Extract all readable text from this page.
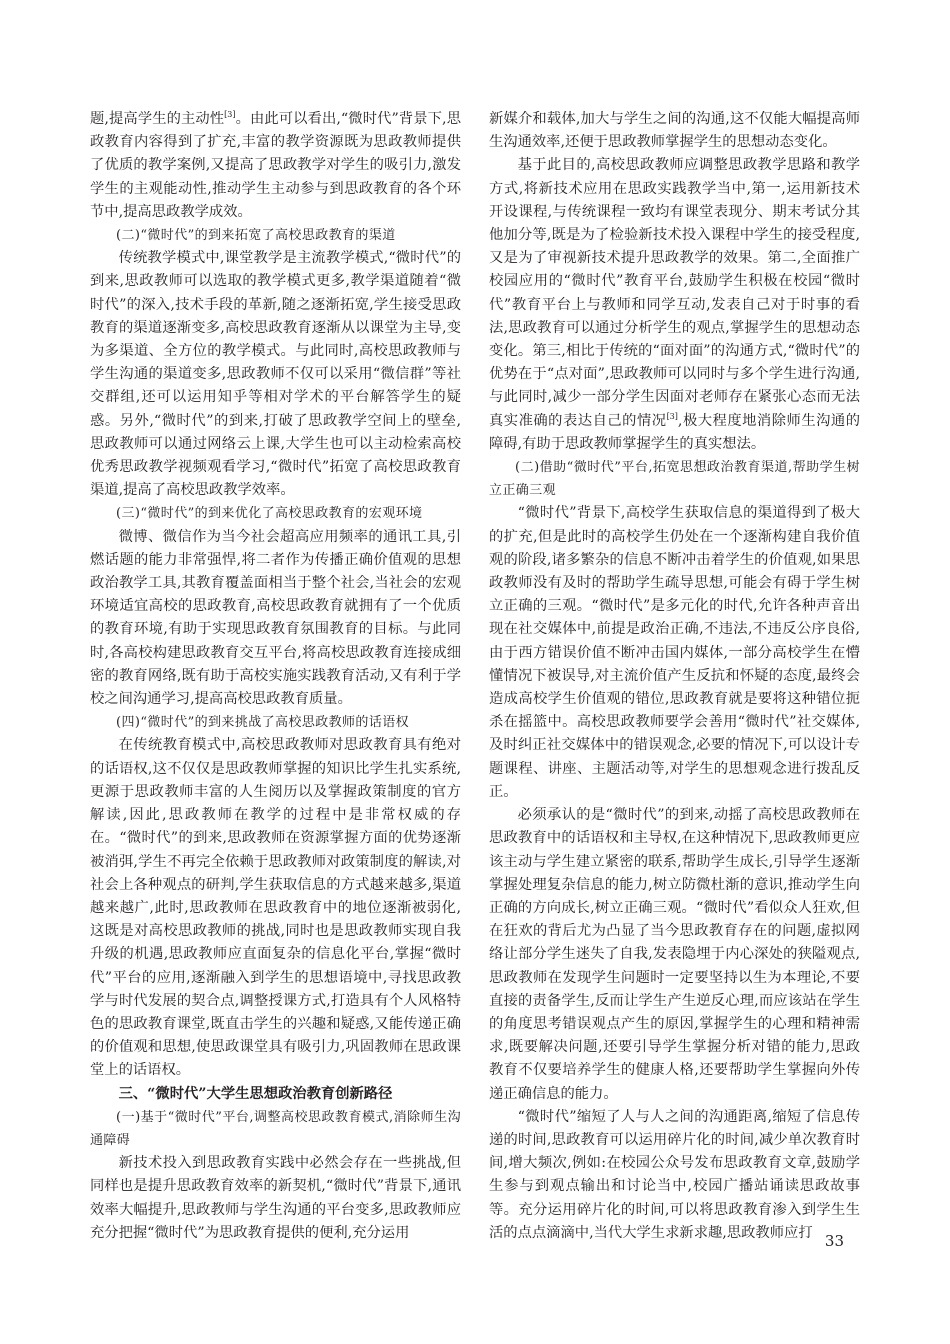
题,提高学生的主动性[3]。由此可以看出,“微时代”背景下,思政教育内容得到了扩充,丰富的教学资源既为思政教师提供了优质的教学案例,又提高了思政教学对学生的吸引力,激发学生的主观能动性,推动学生主动参与到思政教育的各个环节中,提高思政教学成效。

(二)“微时代”的到来拓宽了高校思政教育的渠道

传统教学模式中,课堂教学是主流教学模式,“微时代”的到来,思政教师可以选取的教学模式更多,教学渠道随着“微时代”的深入,技术手段的革新,随之逐渐拓宽,学生接受思政教育的渠道逐渐变多,高校思政教育逐渐从以课堂为主导,变为多渠道、全方位的教学模式。与此同时,高校思政教师与学生沟通的渠道变多,思政教师不仅可以采用“微信群”等社交群组,还可以运用知乎等相对学术的平台解答学生的疑惑。另外,“微时代”的到来,打破了思政教学空间上的壁垒,思政教师可以通过网络云上课,大学生也可以主动检索高校优秀思政教学视频观看学习,“微时代”拓宽了高校思政教育渠道,提高了高校思政教学效率。

(三)“微时代”的到来优化了高校思政教育的宏观环境

微博、微信作为当今社会超高应用频率的通讯工具,引燃话题的能力非常强悍,将二者作为传播正确价值观的思想政治教学工具,其教育覆盖面相当于整个社会,当社会的宏观环境适宜高校的思政教育,高校思政教育就拥有了一个优质的教育环境,有助于实现思政教育氛围教育的目标。与此同时,各高校构建思政教育交互平台,将高校思政教育连接成细密的教育网络,既有助于高校实施实践教育活动,又有利于学校之间沟通学习,提高高校思政教育质量。

(四)“微时代”的到来挑战了高校思政教师的话语权

在传统教育模式中,高校思政教师对思政教育具有绝对的话语权,这不仅仅是思政教师掌握的知识比学生扎实系统,更源于思政教师丰富的人生阅历以及掌握政策制度的官方解读,因此,思政教师在教学的过程中是非常权威的存在。“微时代”的到来,思政教师在资源掌握方面的优势逐渐被消弭,学生不再完全依赖于思政教师对政策制度的解读,对社会上各种观点的研判,学生获取信息的方式越来越多,渠道越来越广,此时,思政教师在思政教育中的地位逐渐被弱化,这既是对高校思政教师的挑战,同时也是思政教师实现自我升级的机遇,思政教师应直面复杂的信息化平台,掌握“微时代”平台的应用,逐渐融入到学生的思想语境中,寻找思政教学与时代发展的契合点,调整授课方式,打造具有个人风格特色的思政教育课堂,既直击学生的兴趣和疑惑,又能传递正确的价值观和思想,使思政课堂具有吸引力,巩固教师在思政课堂上的话语权。

三、“微时代”大学生思想政治教育创新路径

(一)基于“微时代”平台,调整高校思政教育模式,消除师生沟通障碍

新技术投入到思政教育实践中必然会存在一些挑战,但同样也是提升思政教育效率的新契机,“微时代”背景下,通讯效率大幅提升,思政教师与学生沟通的平台变多,思政教师应充分把握“微时代”为思政教育提供的便利,充分运用

新媒介和载体,加大与学生之间的沟通,这不仅能大幅提高师生沟通效率,还便于思政教师掌握学生的思想动态变化。

基于此目的,高校思政教师应调整思政教学思路和教学方式,将新技术应用在思政实践教学当中,第一,运用新技术开设课程,与传统课程一致均有课堂表现分、期末考试分其他加分等,既是为了检验新技术投入课程中学生的接受程度,又是为了审视新技术提升思政教学的效果。第二,全面推广校园应用的“微时代”教育平台,鼓励学生积极在校园“微时代”教育平台上与教师和同学互动,发表自己对于时事的看法,思政教育可以通过分析学生的观点,掌握学生的思想动态变化。第三,相比于传统的“面对面”的沟通方式,“微时代”的优势在于“点对面”,思政教师可以同时与多个学生进行沟通,与此同时,减少一部分学生因面对老师存在紧张心态而无法真实准确的表达自己的情况[3],极大程度地消除师生沟通的障碍,有助于思政教师掌握学生的真实想法。

(二)借助“微时代”平台,拓宽思想政治教育渠道,帮助学生树立正确三观

“微时代”背景下,高校学生获取信息的渠道得到了极大的扩充,但是此时的高校学生仍处在一个逐渐构建自我价值观的阶段,诸多繁杂的信息不断冲击着学生的价值观,如果思政教师没有及时的帮助学生疏导思想,可能会有碍于学生树立正确的三观。“微时代”是多元化的时代,允许各种声音出现在社交媒体中,前提是政治正确,不违法,不违反公序良俗,由于西方错误价值不断冲击国内媒体,一部分高校学生在懵懂情况下被误导,对主流价值产生反抗和怀疑的态度,最终会造成高校学生价值观的错位,思政教育就是要将这种错位扼杀在摇篮中。高校思政教师要学会善用“微时代”社交媒体,及时纠正社交媒体中的错误观念,必要的情况下,可以设计专题课程、讲座、主题活动等,对学生的思想观念进行拨乱反正。

必须承认的是“微时代”的到来,动摇了高校思政教师在思政教育中的话语权和主导权,在这种情况下,思政教师更应该主动与学生建立紧密的联系,帮助学生成长,引导学生逐渐掌握处理复杂信息的能力,树立防微杜渐的意识,推动学生向正确的方向成长,树立正确三观。“微时代”看似众人狂欢,但在狂欢的背后尤为凸显了当今思政教育存在的问题,虚拟网络让部分学生迷失了自我,发表隐埋于内心深处的狭隘观点,思政教师在发现学生问题时一定要坚持以生为本理论,不要直接的责备学生,反而让学生产生逆反心理,而应该站在学生的角度思考错误观点产生的原因,掌握学生的心理和精神需求,既要解决问题,还要引导学生掌握分析对错的能力,思政教育不仅要培养学生的健康人格,还要帮助学生掌握向外传递正确信息的能力。

“微时代”缩短了人与人之间的沟通距离,缩短了信息传递的时间,思政教育可以运用碎片化的时间,减少单次教育时间,增大频次,例如:在校园公众号发布思政教育文章,鼓励学生参与到观点输出和讨论当中,校园广播站诵读思政故事等。充分运用碎片化的时间,可以将思政教育渗入到学生生活的点点滴滴中,当代大学生求新求趣,思政教师应打 33
